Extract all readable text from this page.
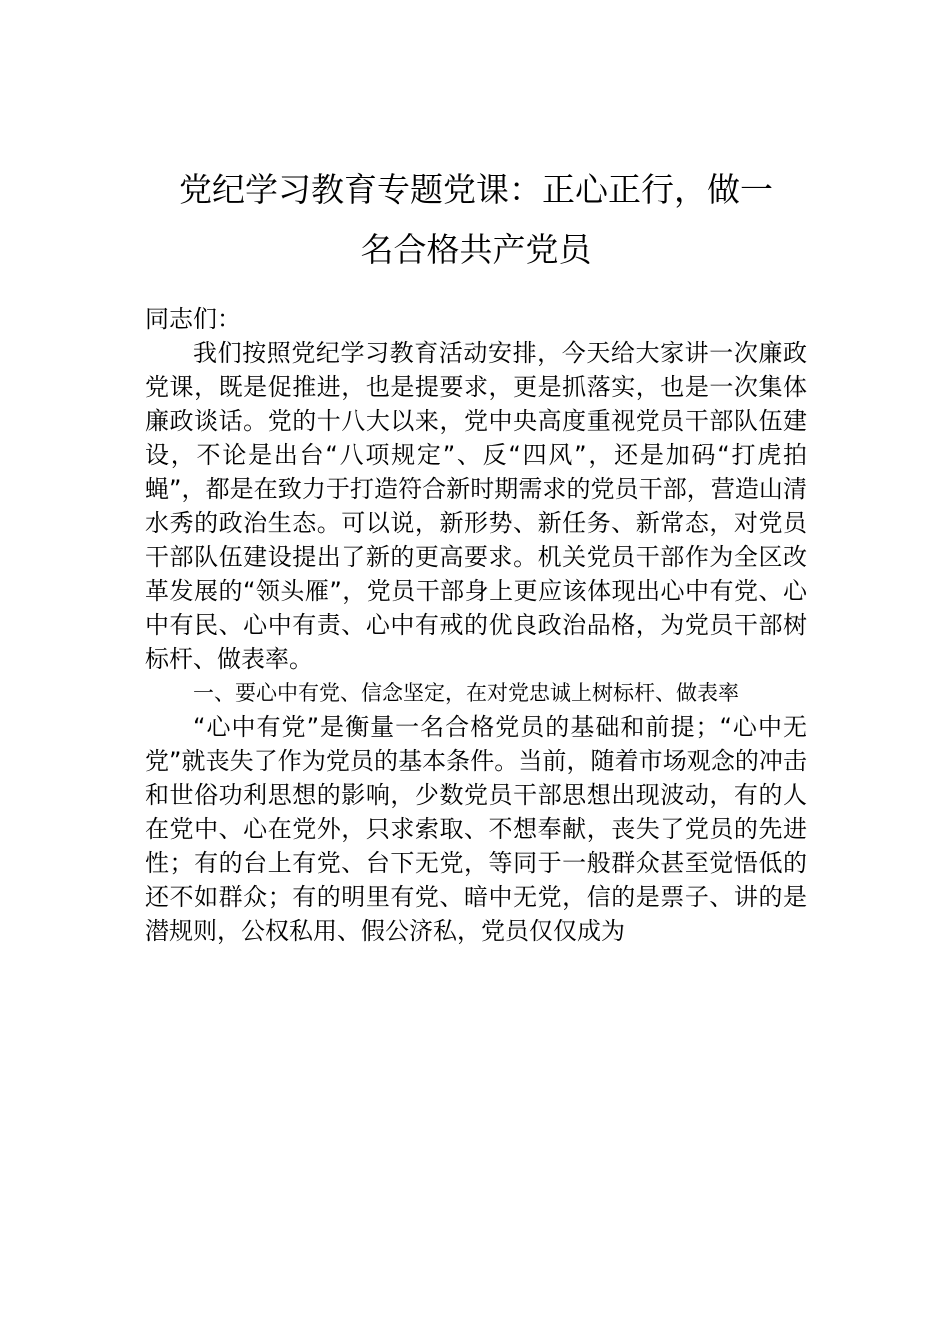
党纪学习教育专题党课：正心正行，做一
名合格共产党员

同志们：

我们按照党纪学习教育活动安排，今天给大家讲一次廉政党课，既是促推进，也是提要求，更是抓落实，也是一次集体廉政谈话。党的十八大以来，党中央高度重视党员干部队伍建设，不论是出台“八项规定”、反“四风”，还是加码“打虎拍蝇”，都是在致力于打造符合新时期需求的党员干部，营造山清水秀的政治生态。可以说，新形势、新任务、新常态，对党员干部队伍建设提出了新的更高要求。机关党员干部作为全区改革发展的“领头雁”，党员干部身上更应该体现出心中有党、心中有民、心中有责、心中有戒的优良政治品格，为党员干部树标杆、做表率。

一、要心中有党、信念坚定，在对党忠诚上树标杆、做表率

“心中有党”是衡量一名合格党员的基础和前提；“心中无党”就丧失了作为党员的基本条件。当前，随着市场观念的冲击和世俗功利思想的影响，少数党员干部思想出现波动，有的人在党中、心在党外，只求索取、不想奉献，丧失了党员的先进性；有的台上有党、台下无党，等同于一般群众甚至觉悟低的还不如群众；有的明里有党、暗中无党，信的是票子、讲的是潜规则，公权私用、假公济私，党员仅仅成为
